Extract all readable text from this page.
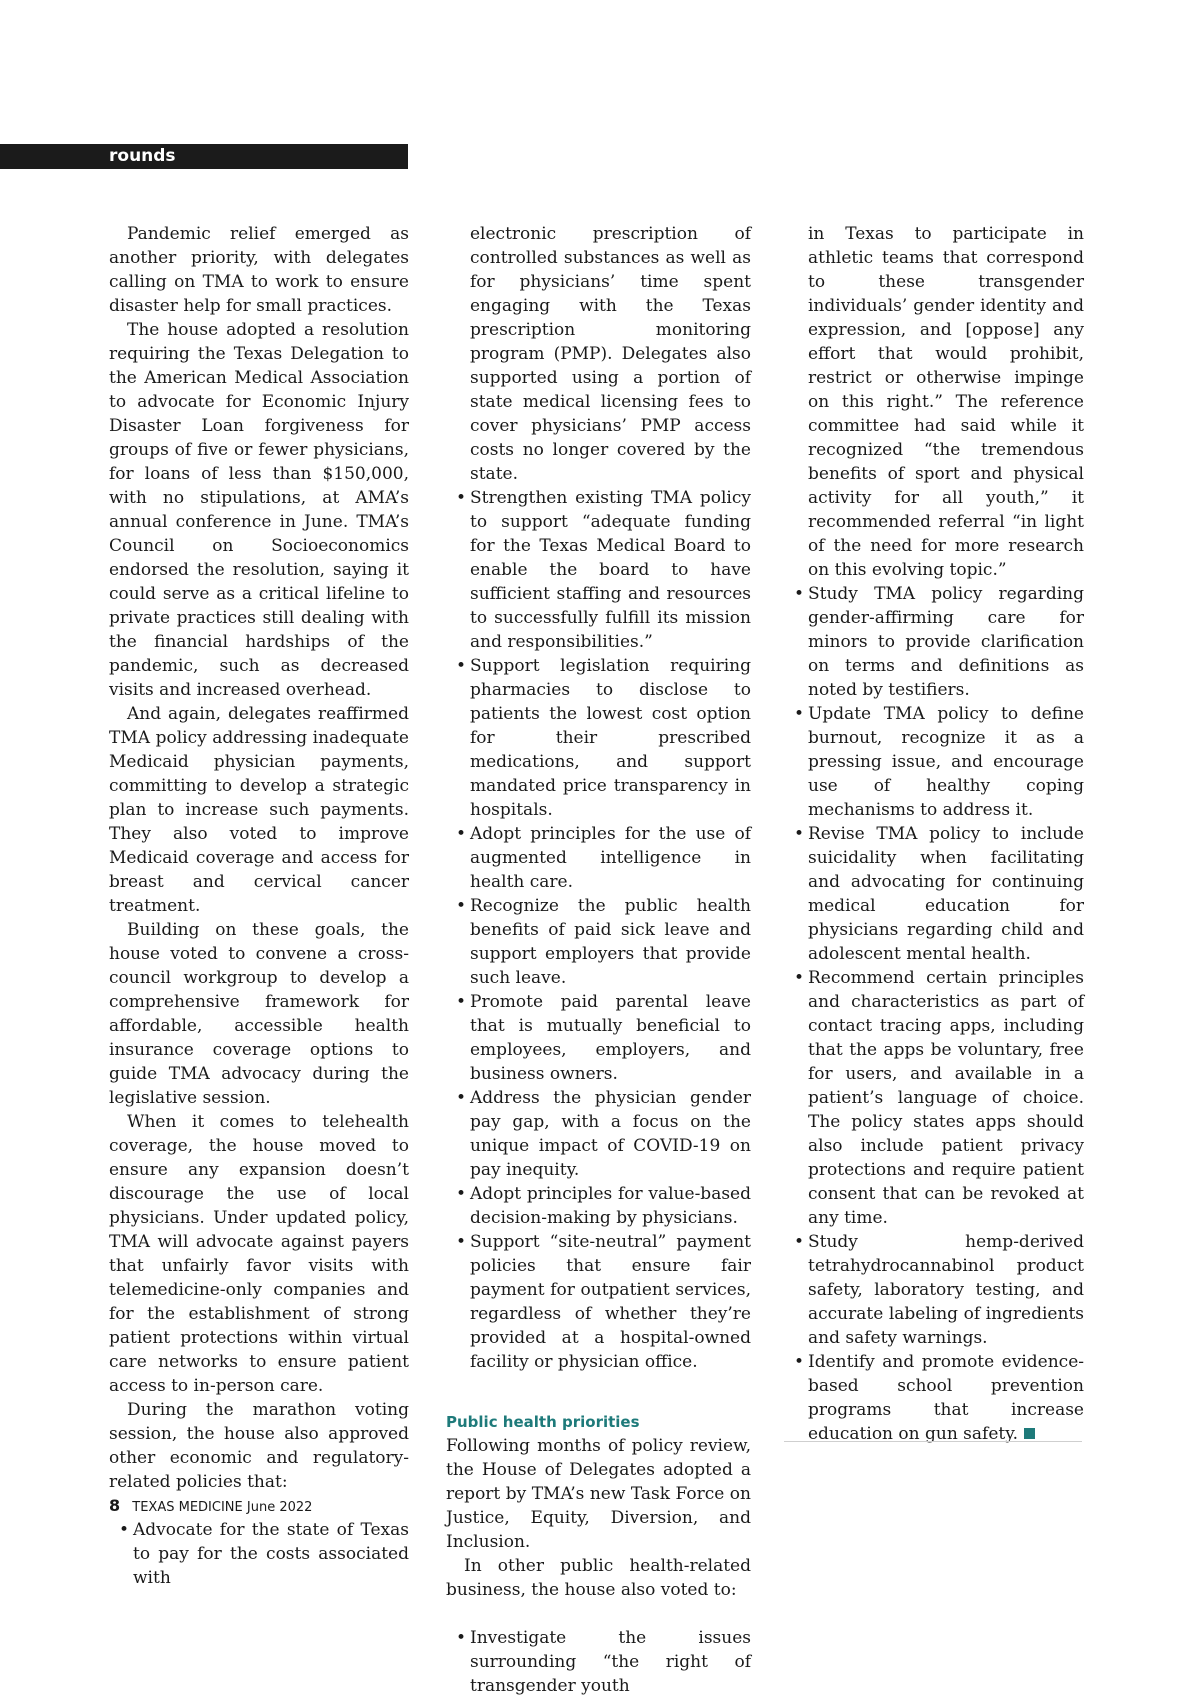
rounds

Pandemic relief emerged as another priority, with delegates calling on TMA to work to ensure disaster help for small practices.

The house adopted a resolution requiring the Texas Delegation to the American Medical Association to advocate for Economic Injury Disaster Loan forgiveness for groups of five or fewer physicians, for loans of less than $150,000, with no stipulations, at AMA’s annual conference in June. TMA’s Council on Socioeconomics endorsed the resolution, saying it could serve as a critical lifeline to private practices still dealing with the financial hardships of the pandemic, such as decreased visits and increased overhead.

And again, delegates reaffirmed TMA policy addressing inadequate Medicaid physician payments, committing to develop a strategic plan to increase such payments. They also voted to improve Medicaid coverage and access for breast and cervical cancer treatment.

Building on these goals, the house voted to convene a cross-council workgroup to develop a comprehensive framework for affordable, accessible health insurance coverage options to guide TMA advocacy during the legislative session.

When it comes to telehealth coverage, the house moved to ensure any expansion doesn’t discourage the use of local physicians. Under updated policy, TMA will advocate against payers that unfairly favor visits with telemedicine-only companies and for the establishment of strong patient protections within virtual care networks to ensure patient access to in-person care.

During the marathon voting session, the house also approved other economic and regulatory-related policies that:

• Advocate for the state of Texas to pay for the costs associated with

electronic prescription of controlled substances as well as for physicians’ time spent engaging with the Texas prescription monitoring program (PMP). Delegates also supported using a portion of state medical licensing fees to cover physicians’ PMP access costs no longer covered by the state.

• Strengthen existing TMA policy to support “adequate funding for the Texas Medical Board to enable the board to have sufficient staffing and resources to successfully fulfill its mission and responsibilities.”
• Support legislation requiring pharmacies to disclose to patients the lowest cost option for their prescribed medications, and support mandated price transparency in hospitals.
• Adopt principles for the use of augmented intelligence in health care.
• Recognize the public health benefits of paid sick leave and support employers that provide such leave.
• Promote paid parental leave that is mutually beneficial to employees, employers, and business owners.
• Address the physician gender pay gap, with a focus on the unique impact of COVID-19 on pay inequity.
• Adopt principles for value-based decision-making by physicians.
• Support “site-neutral” payment policies that ensure fair payment for outpatient services, regardless of whether they’re provided at a hospital-owned facility or physician office.
Public health priorities

Following months of policy review, the House of Delegates adopted a report by TMA’s new Task Force on Justice, Equity, Diversion, and Inclusion.

In other public health-related business, the house also voted to:

• Investigate the issues surrounding “the right of transgender youth

in Texas to participate in athletic teams that correspond to these transgender individuals’ gender identity and expression, and [oppose] any effort that would prohibit, restrict or otherwise impinge on this right.” The reference committee had said while it recognized “the tremendous benefits of sport and physical activity for all youth,” it recommended referral “in light of the need for more research on this evolving topic.”

• Study TMA policy regarding gender-affirming care for minors to provide clarification on terms and definitions as noted by testifiers.
• Update TMA policy to define burnout, recognize it as a pressing issue, and encourage use of healthy coping mechanisms to address it.
• Revise TMA policy to include suicidality when facilitating and advocating for continuing medical education for physicians regarding child and adolescent mental health.
• Recommend certain principles and characteristics as part of contact tracing apps, including that the apps be voluntary, free for users, and available in a patient’s language of choice. The policy states apps should also include patient privacy protections and require patient consent that can be revoked at any time.
• Study hemp-derived tetrahydrocannabinol product safety, laboratory testing, and accurate labeling of ingredients and safety warnings.
• Identify and promote evidence-based school prevention programs that increase education on gun safety.
8 TEXAS MEDICINE June 2022
